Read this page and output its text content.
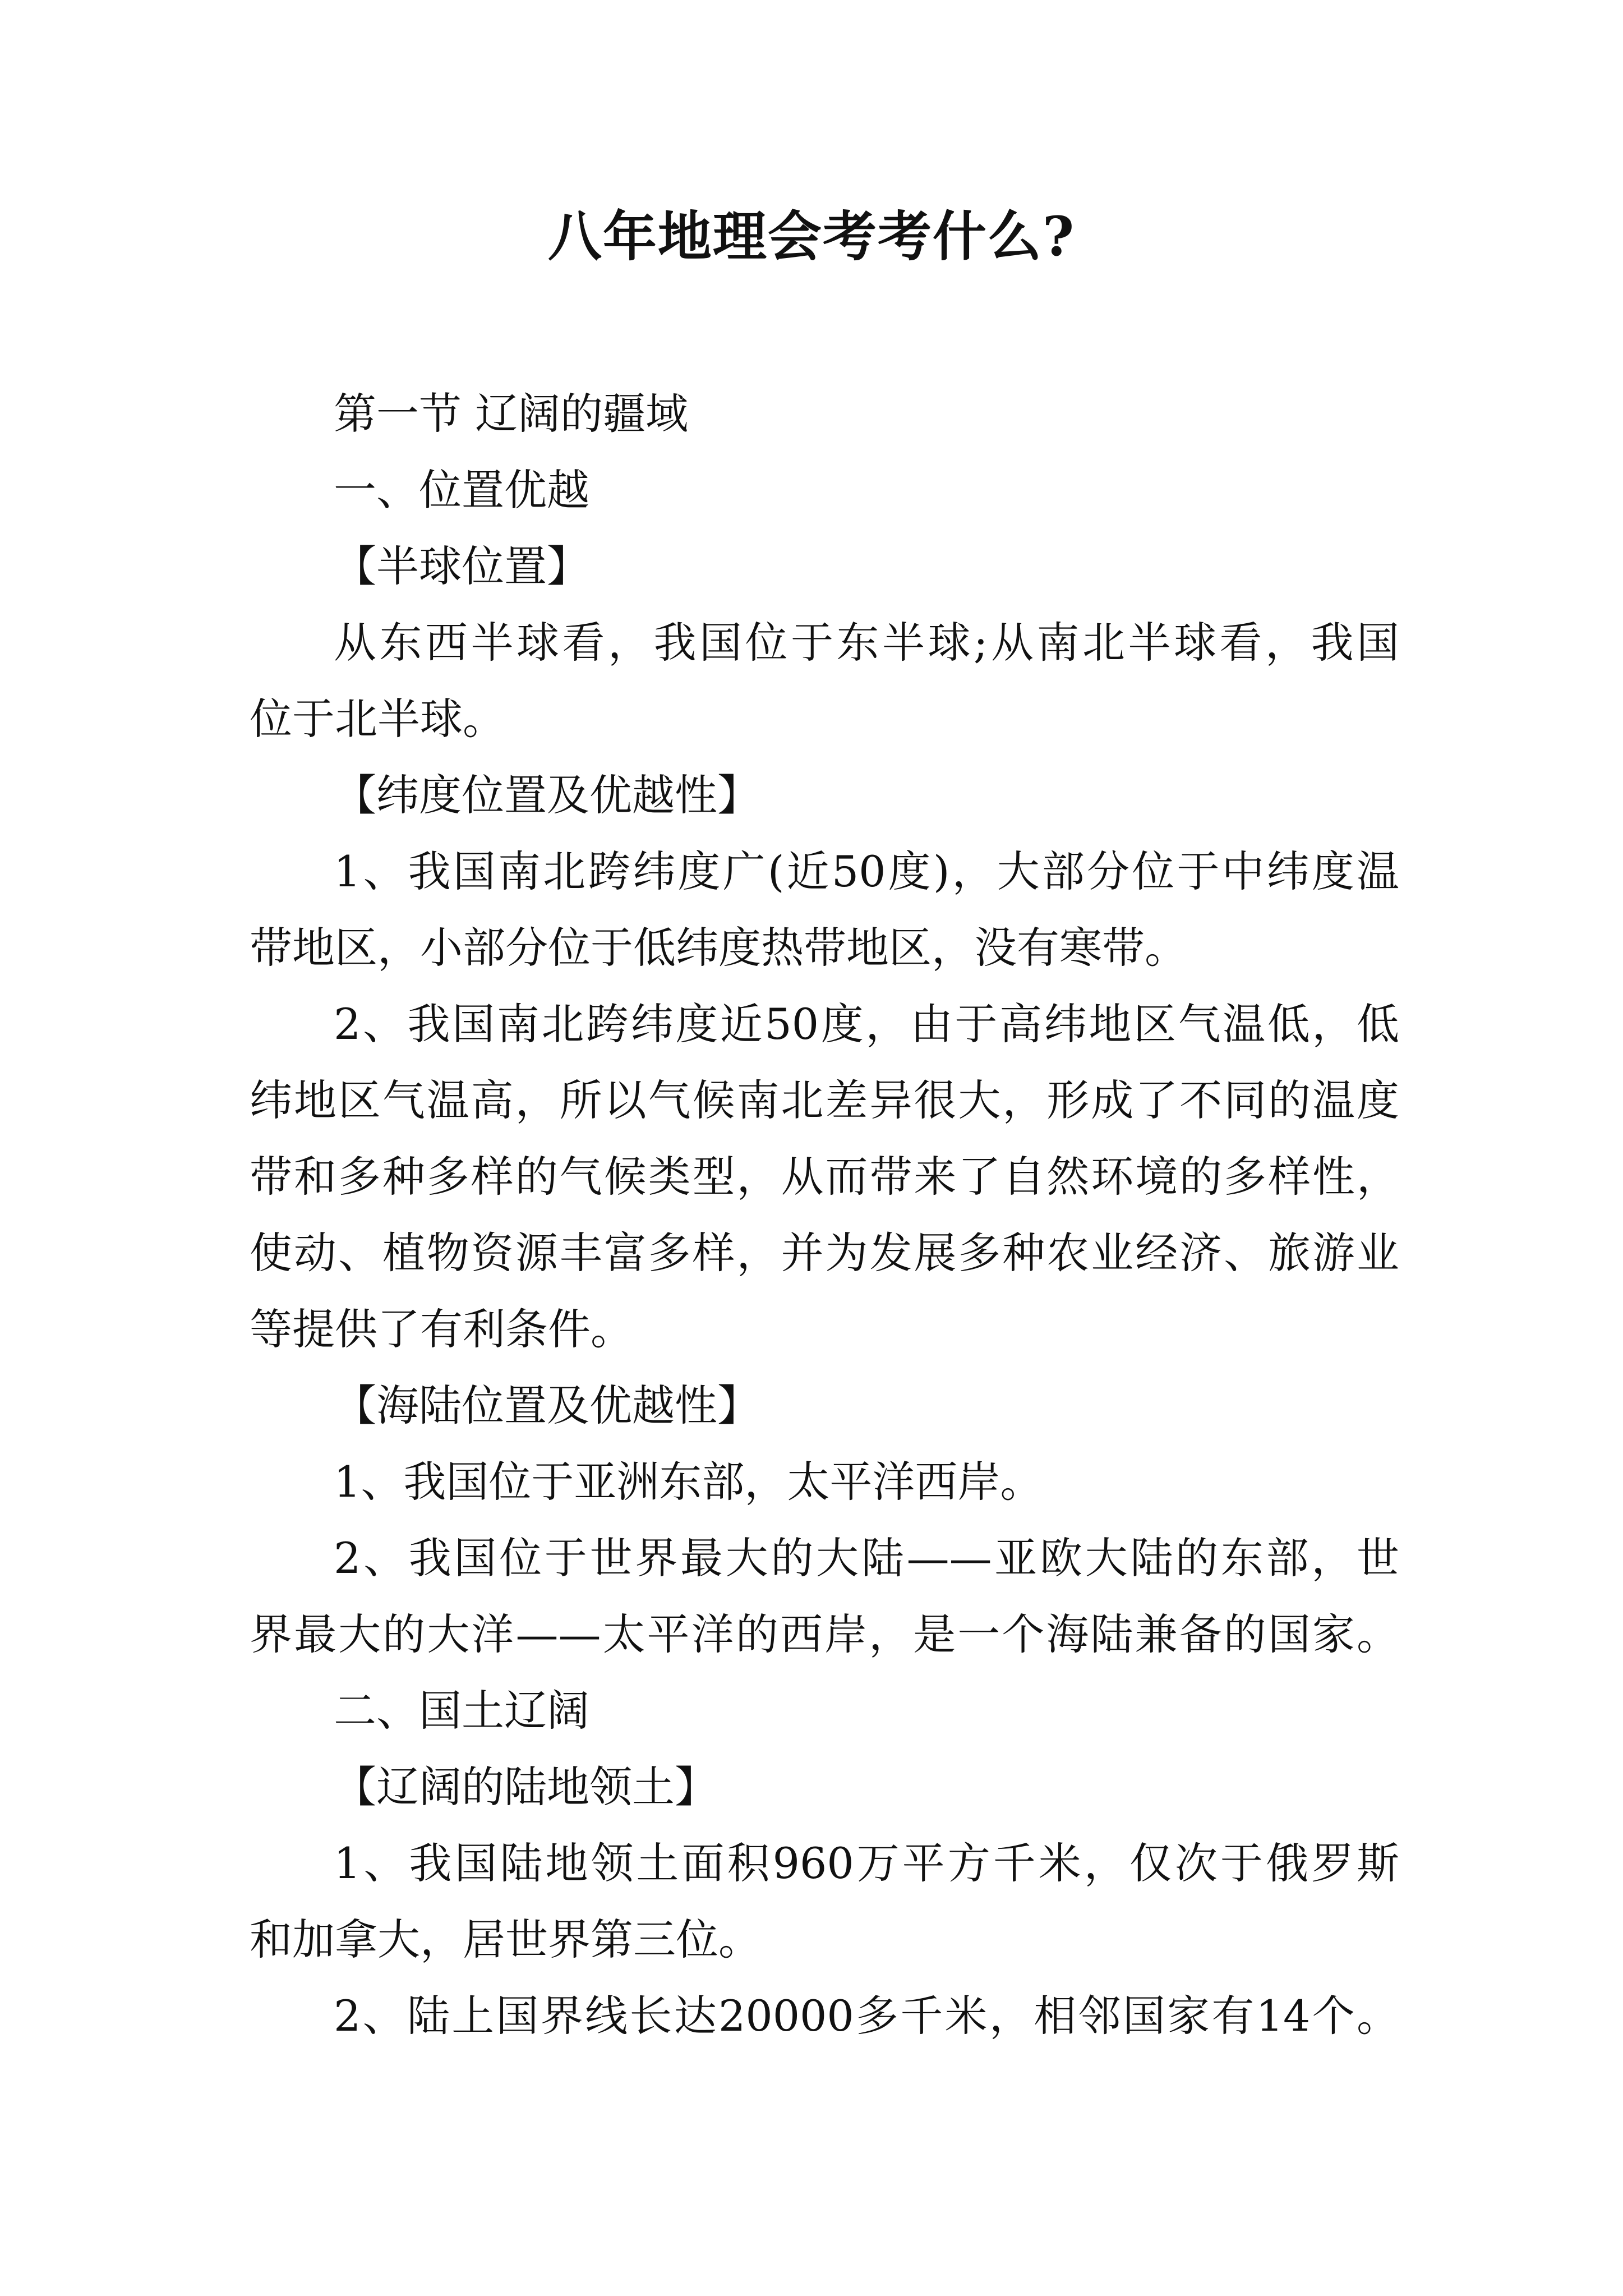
八年地理会考考什么?
第一节 辽阔的疆域
一、位置优越
【半球位置】
从东西半球看，我国位于东半球;从南北半球看，我国
位于北半球。
【纬度位置及优越性】
1、我国南北跨纬度广(近50度)，大部分位于中纬度温
带地区，小部分位于低纬度热带地区，没有寒带。
2、我国南北跨纬度近50度，由于高纬地区气温低，低
纬地区气温高，所以气候南北差异很大，形成了不同的温度
带和多种多样的气候类型，从而带来了自然环境的多样性，
使动、植物资源丰富多样，并为发展多种农业经济、旅游业
等提供了有利条件。
【海陆位置及优越性】
1、我国位于亚洲东部，太平洋西岸。
2、我国位于世界最大的大陆——亚欧大陆的东部，世
界最大的大洋——太平洋的西岸，是一个海陆兼备的国家。
二、国土辽阔
【辽阔的陆地领土】
1、我国陆地领土面积960万平方千米，仅次于俄罗斯
和加拿大，居世界第三位。
2、陆上国界线长达20000多千米，相邻国家有14个。
